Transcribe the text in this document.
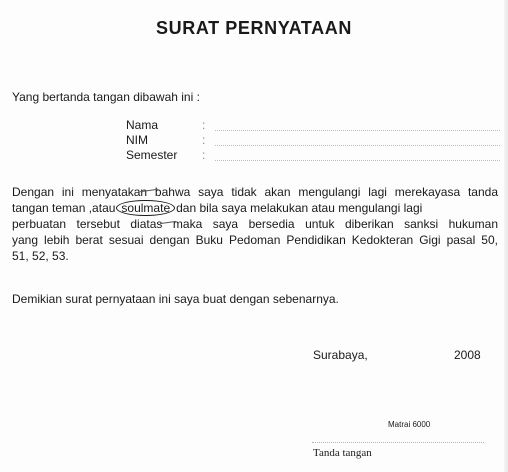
SURAT PERNYATAAN
Yang bertanda tangan dibawah ini :
Nama	:
NIM	:
Semester :
Dengan ini menyatakan bahwa saya tidak akan mengulangi lagi merekayasa tanda
tangan teman ,atau soulmate dan bila saya melakukan atau mengulangi lagi
perbuatan tersebut diatas maka saya bersedia untuk diberikan sanksi hukuman
yang lebih berat sesuai dengan Buku Pedoman Pendidikan Kedokteran Gigi pasal 50,
51, 52, 53.
Demikian surat pernyataan ini saya buat dengan sebenarnya.
Surabaya,	2008
Matrai 6000
Tanda tangan
